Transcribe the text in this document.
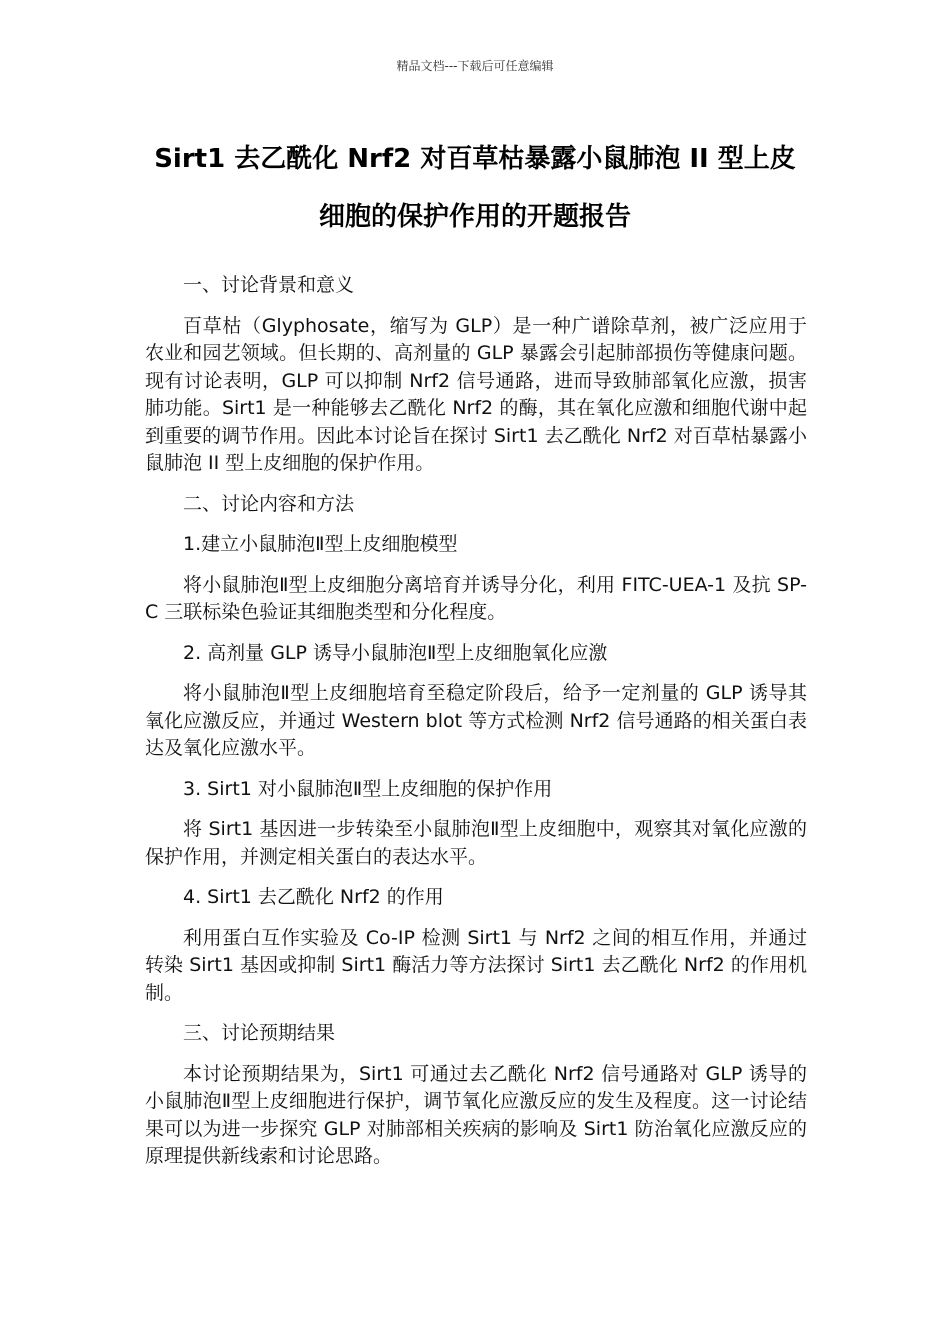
精品文档---下载后可任意编辑
Sirt1 去乙酰化 Nrf2 对百草枯暴露小鼠肺泡 II 型上皮
细胞的保护作用的开题报告

一、讨论背景和意义

百草枯（Glyphosate，缩写为 GLP）是一种广谱除草剂，被广泛应用于农业和园艺领域。但长期的、高剂量的 GLP 暴露会引起肺部损伤等健康问题。现有讨论表明，GLP 可以抑制 Nrf2 信号通路，进而导致肺部氧化应激，损害肺功能。Sirt1 是一种能够去乙酰化 Nrf2 的酶，其在氧化应激和细胞代谢中起到重要的调节作用。因此本讨论旨在探讨 Sirt1 去乙酰化 Nrf2 对百草枯暴露小鼠肺泡 II 型上皮细胞的保护作用。

二、讨论内容和方法

1.建立小鼠肺泡Ⅱ型上皮细胞模型

将小鼠肺泡Ⅱ型上皮细胞分离培育并诱导分化，利用 FITC-UEA-1 及抗 SP-C 三联标染色验证其细胞类型和分化程度。

2. 高剂量 GLP 诱导小鼠肺泡Ⅱ型上皮细胞氧化应激

将小鼠肺泡Ⅱ型上皮细胞培育至稳定阶段后，给予一定剂量的 GLP 诱导其氧化应激反应，并通过 Western blot 等方式检测 Nrf2 信号通路的相关蛋白表达及氧化应激水平。

3. Sirt1 对小鼠肺泡Ⅱ型上皮细胞的保护作用

将 Sirt1 基因进一步转染至小鼠肺泡Ⅱ型上皮细胞中，观察其对氧化应激的保护作用，并测定相关蛋白的表达水平。

4. Sirt1 去乙酰化 Nrf2 的作用

利用蛋白互作实验及 Co-IP 检测 Sirt1 与 Nrf2 之间的相互作用，并通过转染 Sirt1 基因或抑制 Sirt1 酶活力等方法探讨 Sirt1 去乙酰化 Nrf2 的作用机制。

三、讨论预期结果

本讨论预期结果为，Sirt1 可通过去乙酰化 Nrf2 信号通路对 GLP 诱导的小鼠肺泡Ⅱ型上皮细胞进行保护，调节氧化应激反应的发生及程度。这一讨论结果可以为进一步探究 GLP 对肺部相关疾病的影响及 Sirt1 防治氧化应激反应的原理提供新线索和讨论思路。
